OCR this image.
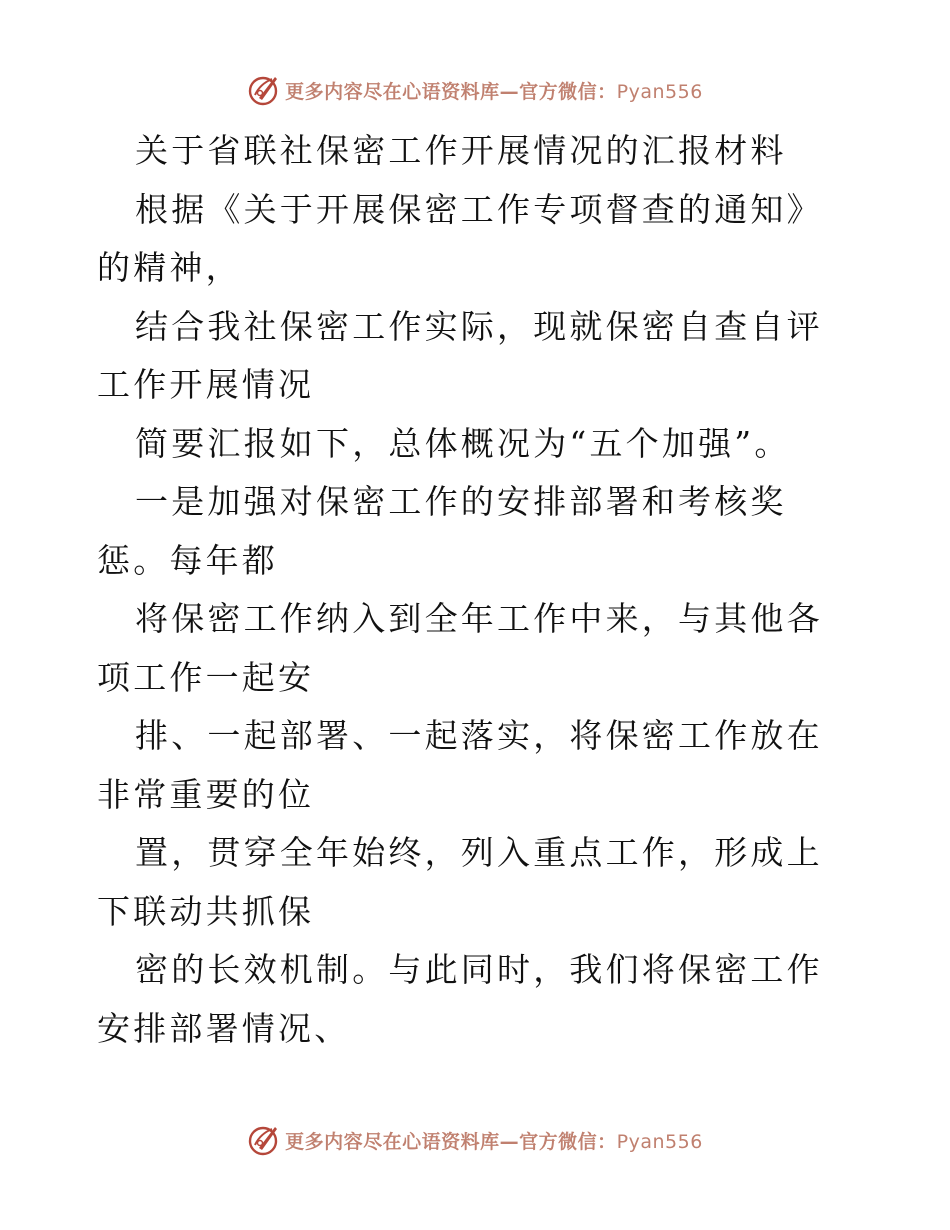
更多内容尽在心语资料库—官方微信：Pyan556

关于省联社保密工作开展情况的汇报材料

根据《关于开展保密工作专项督查的通知》的精神，

结合我社保密工作实际，现就保密自查自评工作开展情况

简要汇报如下，总体概况为“五个加强”。

一是加强对保密工作的安排部署和考核奖惩。每年都

将保密工作纳入到全年工作中来，与其他各项工作一起安

排、一起部署、一起落实，将保密工作放在非常重要的位

置，贯穿全年始终，列入重点工作，形成上下联动共抓保

密的长效机制。与此同时，我们将保密工作安排部署情况、

更多内容尽在心语资料库—官方微信：Pyan556
